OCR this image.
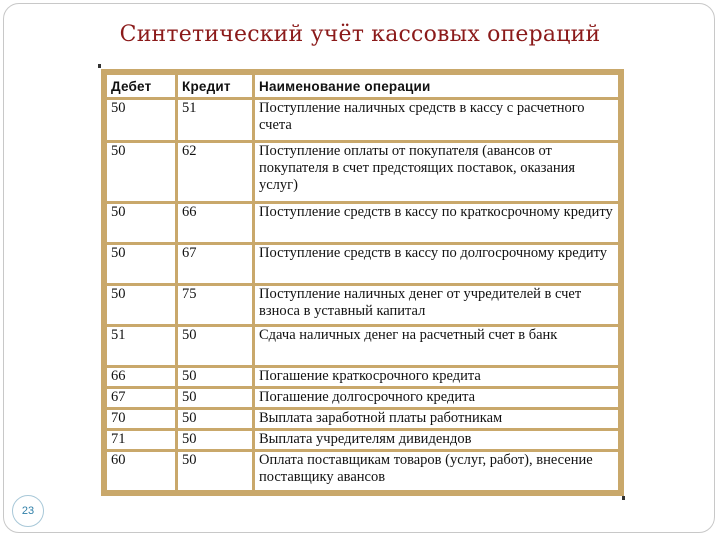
Синтетический учёт кассовых операций
Дебет	Кредит	Наименование операции
50	51	Поступление наличных средств в кассу с расчетного счета
50	62	Поступление оплаты от покупателя (авансов от покупателя в счет предстоящих поставок, оказания услуг)
50	66	Поступление средств в кассу по краткосрочному кредиту
50	67	Поступление средств в кассу по долгосрочному кредиту
50	75	Поступление наличных денег от учредителей в счет взноса в уставный капитал
51	50	Сдача наличных денег на расчетный счет в банк
66	50	Погашение краткосрочного кредита
67	50	Погашение долгосрочного кредита
70	50	Выплата заработной платы работникам
71	50	Выплата учредителям дивидендов
60	50	Оплата поставщикам товаров (услуг, работ), внесение поставщику авансов
23
